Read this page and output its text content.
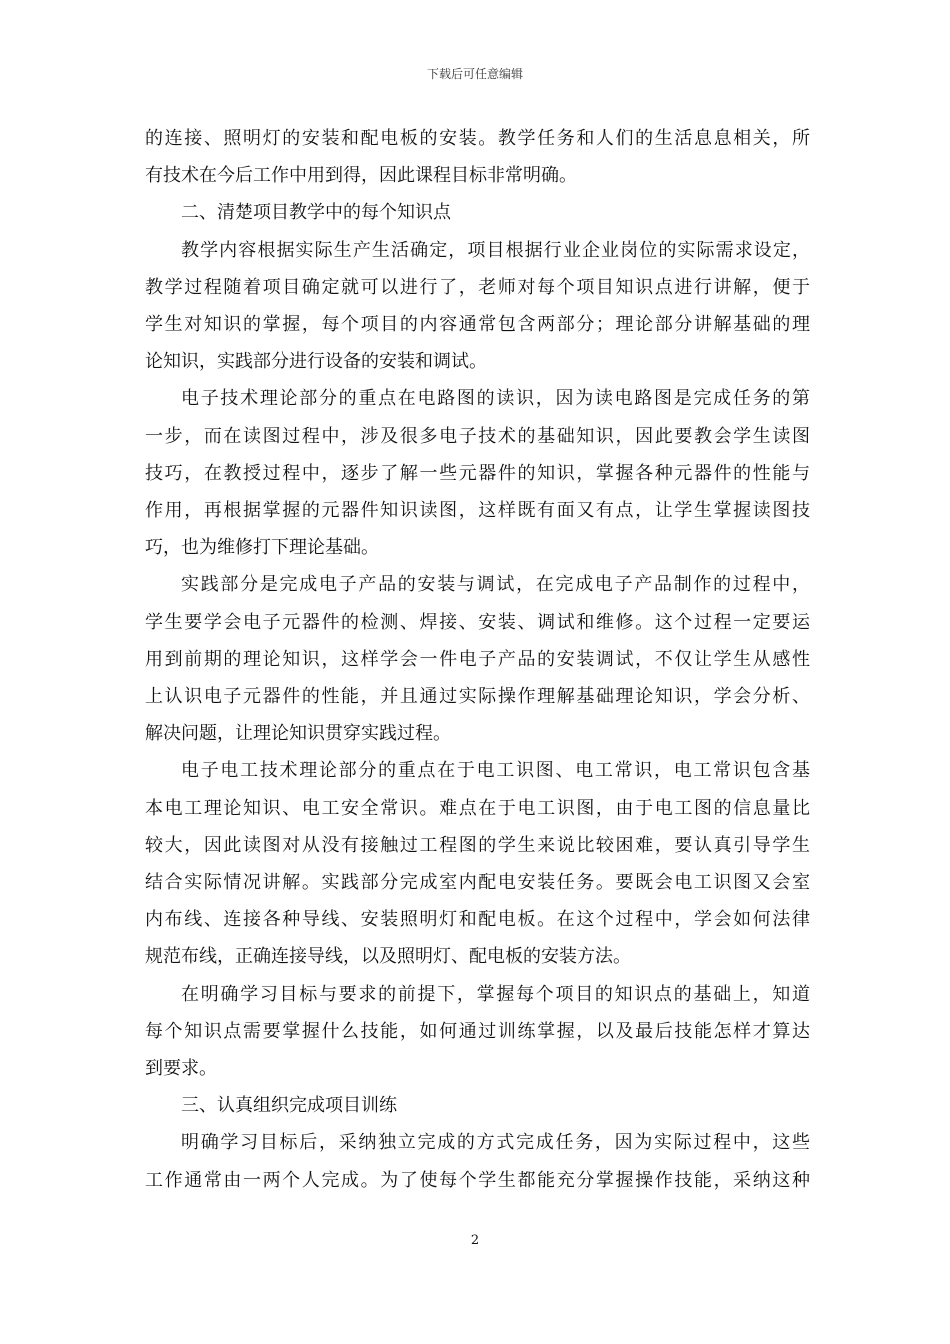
下载后可任意编辑
的连接、照明灯的安装和配电板的安装。教学任务和人们的生活息息相关，所
有技术在今后工作中用到得，因此课程目标非常明确。
二、清楚项目教学中的每个知识点
教学内容根据实际生产生活确定，项目根据行业企业岗位的实际需求设定，
教学过程随着项目确定就可以进行了，老师对每个项目知识点进行讲解，便于
学生对知识的掌握，每个项目的内容通常包含两部分；理论部分讲解基础的理
论知识，实践部分进行设备的安装和调试。
电子技术理论部分的重点在电路图的读识，因为读电路图是完成任务的第
一步，而在读图过程中，涉及很多电子技术的基础知识，因此要教会学生读图
技巧，在教授过程中，逐步了解一些元器件的知识，掌握各种元器件的性能与
作用，再根据掌握的元器件知识读图，这样既有面又有点，让学生掌握读图技
巧，也为维修打下理论基础。
实践部分是完成电子产品的安装与调试，在完成电子产品制作的过程中，
学生要学会电子元器件的检测、焊接、安装、调试和维修。这个过程一定要运
用到前期的理论知识，这样学会一件电子产品的安装调试，不仅让学生从感性
上认识电子元器件的性能，并且通过实际操作理解基础理论知识，学会分析、
解决问题，让理论知识贯穿实践过程。
电子电工技术理论部分的重点在于电工识图、电工常识，电工常识包含基
本电工理论知识、电工安全常识。难点在于电工识图，由于电工图的信息量比
较大，因此读图对从没有接触过工程图的学生来说比较困难，要认真引导学生
结合实际情况讲解。实践部分完成室内配电安装任务。要既会电工识图又会室
内布线、连接各种导线、安装照明灯和配电板。在这个过程中，学会如何法律
规范布线，正确连接导线，以及照明灯、配电板的安装方法。
在明确学习目标与要求的前提下，掌握每个项目的知识点的基础上，知道
每个知识点需要掌握什么技能，如何通过训练掌握，以及最后技能怎样才算达
到要求。
三、认真组织完成项目训练
明确学习目标后，采纳独立完成的方式完成任务，因为实际过程中，这些
工作通常由一两个人完成。为了使每个学生都能充分掌握操作技能，采纳这种
2
